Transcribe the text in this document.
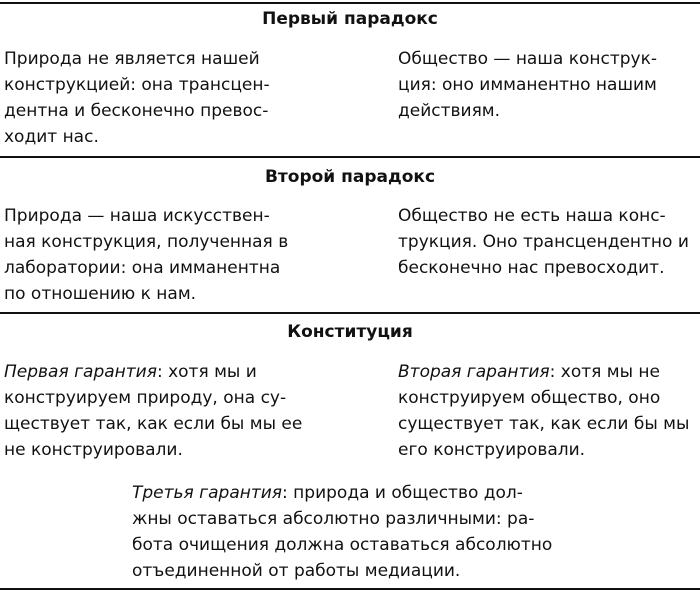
Первый парадокс
Природа не является нашей
конструкцией: она трансцен-
дентна и бесконечно превос-
ходит нас.
Общество — наша конструк-
ция: оно имманентно нашим
действиям.
Второй парадокс
Природа — наша искусствен-
ная конструкция, полученная в
лаборатории: она имманентна
по отношению к нам.
Общество не есть наша конс-
трукция. Оно трансцендентно и
бесконечно нас превосходит.
Конституция
Первая гарантия: хотя мы и
конструируем природу, она су-
ществует так, как если бы мы ее
не конструировали.
Вторая гарантия: хотя мы не
конструируем общество, оно
существует так, как если бы мы
его конструировали.
Третья гарантия: природа и общество дол-
жны оставаться абсолютно различными: ра-
бота очищения должна оставаться абсолютно
отъединенной от работы медиации.
